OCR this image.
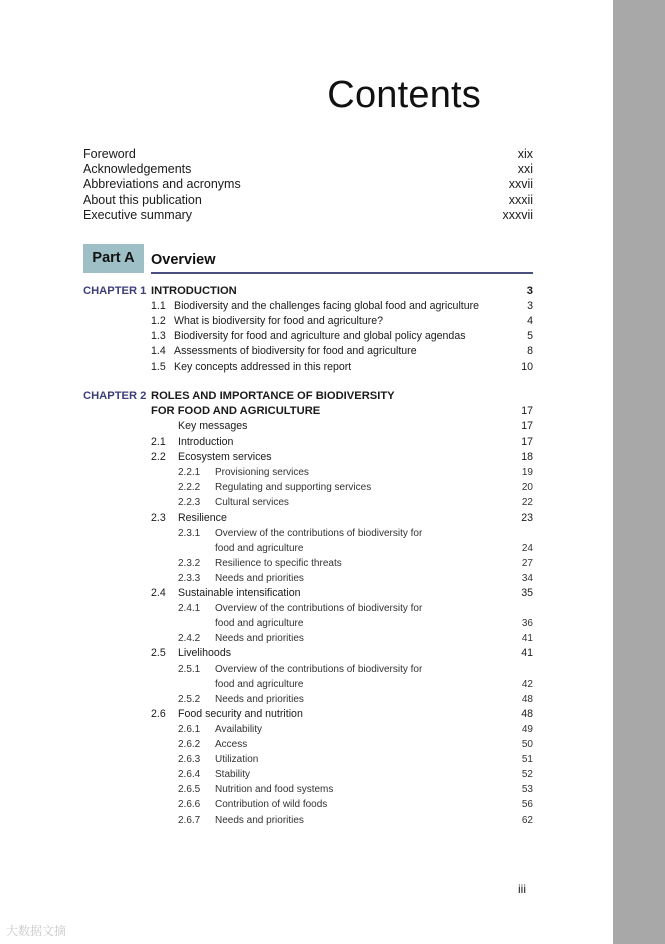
Contents
Foreword	xix
Acknowledgements	xxi
Abbreviations and acronyms	xxvii
About this publication	xxxii
Executive summary	xxxvii
Part A	Overview
CHAPTER 1 INTRODUCTION	3
1.1 Biodiversity and the challenges facing global food and agriculture	3
1.2 What is biodiversity for food and agriculture?	4
1.3 Biodiversity for food and agriculture and global policy agendas	5
1.4 Assessments of biodiversity for food and agriculture	8
1.5 Key concepts addressed in this report	10
CHAPTER 2 ROLES AND IMPORTANCE OF BIODIVERSITY
FOR FOOD AND AGRICULTURE	17
Key messages	17
2.1 Introduction	17
2.2 Ecosystem services	18
2.2.1 Provisioning services	19
2.2.2 Regulating and supporting services	20
2.2.3 Cultural services	22
2.3 Resilience	23
2.3.1 Overview of the contributions of biodiversity for
food and agriculture	24
2.3.2 Resilience to specific threats	27
2.3.3 Needs and priorities	34
2.4 Sustainable intensification	35
2.4.1 Overview of the contributions of biodiversity for
food and agriculture	36
2.4.2 Needs and priorities	41
2.5 Livelihoods	41
2.5.1 Overview of the contributions of biodiversity for
food and agriculture	42
2.5.2 Needs and priorities	48
2.6 Food security and nutrition	48
2.6.1 Availability	49
2.6.2 Access	50
2.6.3 Utilization	51
2.6.4 Stability	52
2.6.5 Nutrition and food systems	53
2.6.6 Contribution of wild foods	56
2.6.7 Needs and priorities	62
iii
大数据文摘
